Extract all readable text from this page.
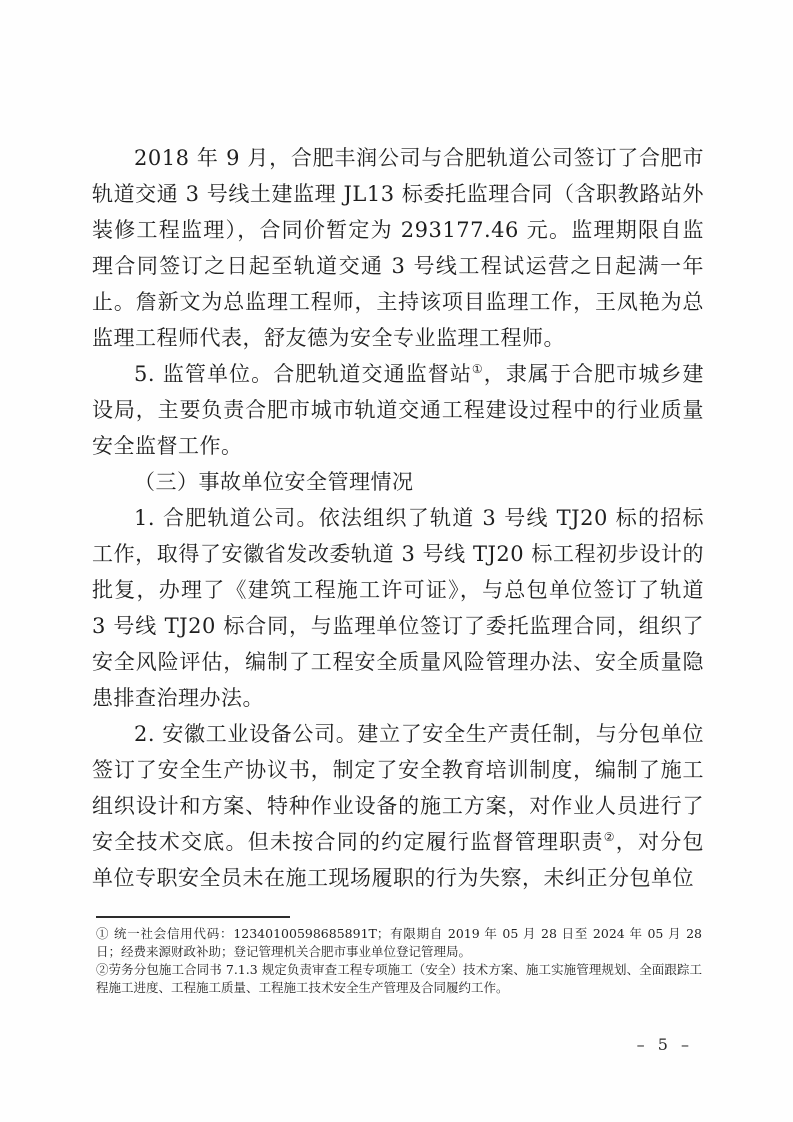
2018 年 9 月，合肥丰润公司与合肥轨道公司签订了合肥市轨道交通 3 号线土建监理 JL13 标委托监理合同（含职教路站外装修工程监理），合同价暂定为 293177.46 元。监理期限自监理合同签订之日起至轨道交通 3 号线工程试运营之日起满一年止。詹新文为总监理工程师，主持该项目监理工作，王凤艳为总监理工程师代表，舒友德为安全专业监理工程师。

5. 监管单位。合肥轨道交通监督站①，隶属于合肥市城乡建设局，主要负责合肥市城市轨道交通工程建设过程中的行业质量安全监督工作。

（三）事故单位安全管理情况

1. 合肥轨道公司。依法组织了轨道 3 号线 TJ20 标的招标工作，取得了安徽省发改委轨道 3 号线 TJ20 标工程初步设计的批复，办理了《建筑工程施工许可证》，与总包单位签订了轨道 3 号线 TJ20 标合同，与监理单位签订了委托监理合同，组织了安全风险评估，编制了工程安全质量风险管理办法、安全质量隐患排查治理办法。

2. 安徽工业设备公司。建立了安全生产责任制，与分包单位签订了安全生产协议书，制定了安全教育培训制度，编制了施工组织设计和方案、特种作业设备的施工方案，对作业人员进行了安全技术交底。但未按合同的约定履行监督管理职责②，对分包单位专职安全员未在施工现场履职的行为失察，未纠正分包单位

① 统一社会信用代码：12340100598685891T；有限期自 2019 年 05 月 28 日至 2024 年 05 月 28 日；经费来源财政补助；登记管理机关合肥市事业单位登记管理局。

②劳务分包施工合同书 7.1.3 规定负责审查工程专项施工（安全）技术方案、施工实施管理规划、全面跟踪工程施工进度、工程施工质量、工程施工技术安全生产管理及合同履约工作。

– 5 –
